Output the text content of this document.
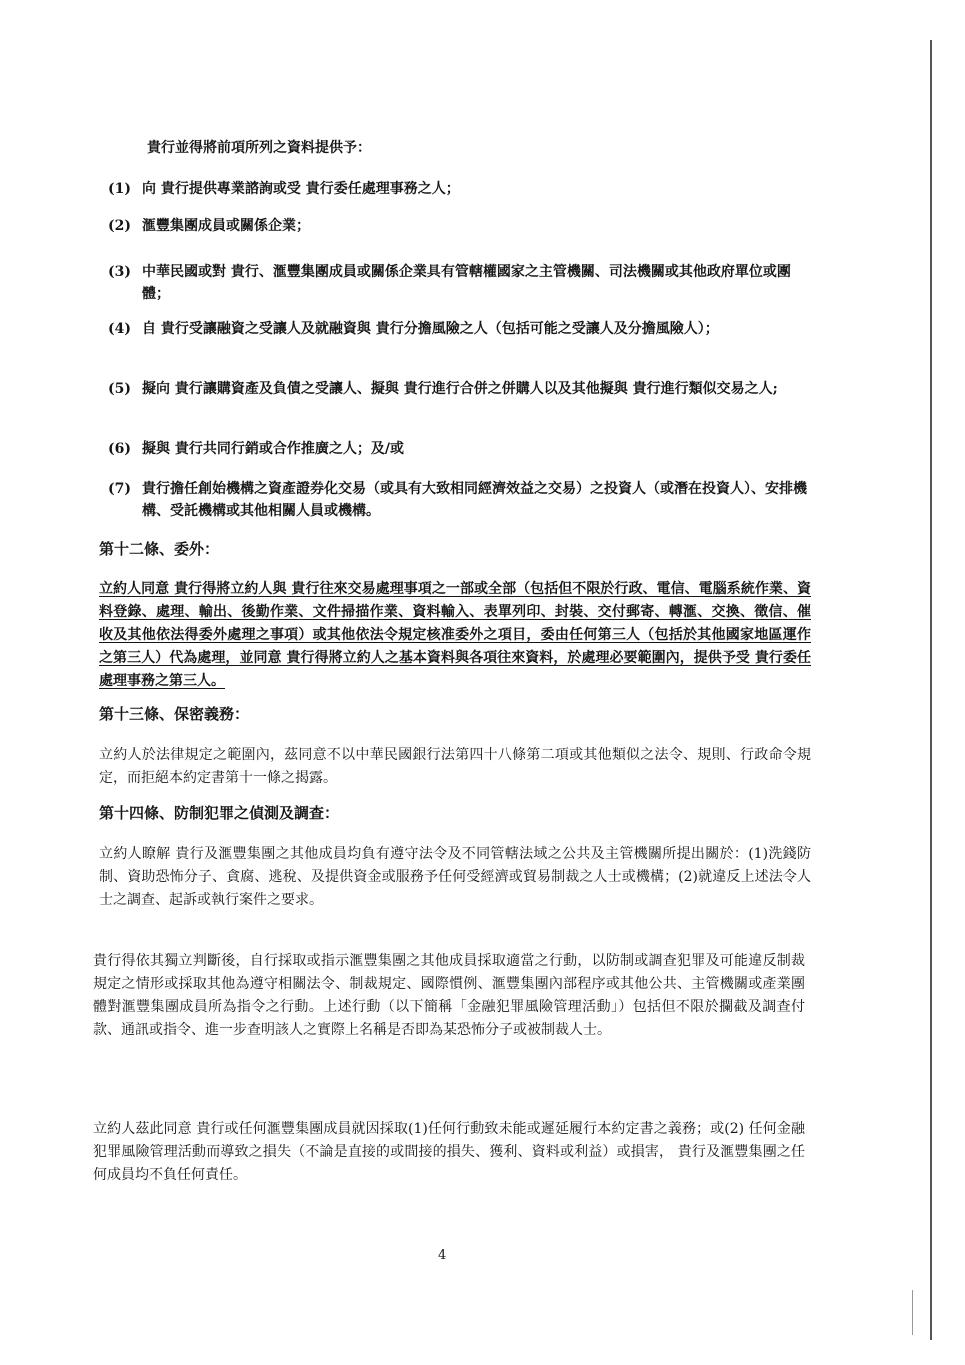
貴行並得將前項所列之資料提供予：
(1) 向 貴行提供專業諮詢或受 貴行委任處理事務之人；
(2) 滙豐集團成員或關係企業；
(3) 中華民國或對 貴行、滙豐集團成員或關係企業具有管轄權國家之主管機關、司法機關或其他政府單位或團體；
(4) 自 貴行受讓融資之受讓人及就融資與 貴行分擔風險之人（包括可能之受讓人及分擔風險人）；
(5) 擬向 貴行讓購資產及負債之受讓人、擬與 貴行進行合併之併購人以及其他擬與 貴行進行類似交易之人;
(6) 擬與 貴行共同行銷或合作推廣之人；及/或
(7) 貴行擔任創始機構之資產證券化交易（或具有大致相同經濟效益之交易）之投資人（或潛在投資人）、安排機構、受託機構或其他相關人員或機構。
第十二條、委外：
立約人同意 貴行得將立約人與 貴行往來交易處理事項之一部或全部（包括但不限於行政、電信、電腦系統作業、資料登錄、處理、輸出、後勤作業、文件掃描作業、資料輸入、表單列印、封裝、交付郵寄、轉滙、交換、徵信、催收及其他依法得委外處理之事項）或其他依法令規定核准委外之項目，委由任何第三人（包括於其他國家地區運作之第三人）代為處理，並同意 貴行得將立約人之基本資料與各項往來資料，於處理必要範圍內，提供予受 貴行委任處理事務之第三人。
第十三條、保密義務：
立約人於法律規定之範圍內，茲同意不以中華民國銀行法第四十八條第二項或其他類似之法令、規則、行政命令規定，而拒絕本約定書第十一條之揭露。
第十四條、防制犯罪之偵測及調查：
立約人瞭解 貴行及滙豐集團之其他成員均負有遵守法令及不同管轄法域之公共及主管機關所提出關於：(1)洗錢防制、資助恐怖分子、貪腐、逃稅、及提供資金或服務予任何受經濟或貿易制裁之人士或機構；(2)就違反上述法令人士之調查、起訴或執行案件之要求。
貴行得依其獨立判斷後，自行採取或指示滙豐集團之其他成員採取適當之行動，以防制或調查犯罪及可能違反制裁規定之情形或採取其他為遵守相關法令、制裁規定、國際慣例、滙豐集團內部程序或其他公共、主管機關或產業團體對滙豐集團成員所為指令之行動。上述行動（以下簡稱「金融犯罪風險管理活動」）包括但不限於攔截及調查付款、通訊或指令、進一步查明該人之實際上名稱是否即為某恐怖分子或被制裁人士。
立約人茲此同意 貴行或任何滙豐集團成員就因採取(1)任何行動致未能或遲延履行本約定書之義務；或(2) 任何金融犯罪風險管理活動而導致之損失（不論是直接的或間接的損失、獲利、資料或利益）或損害， 貴行及滙豐集團之任何成員均不負任何責任。
4
